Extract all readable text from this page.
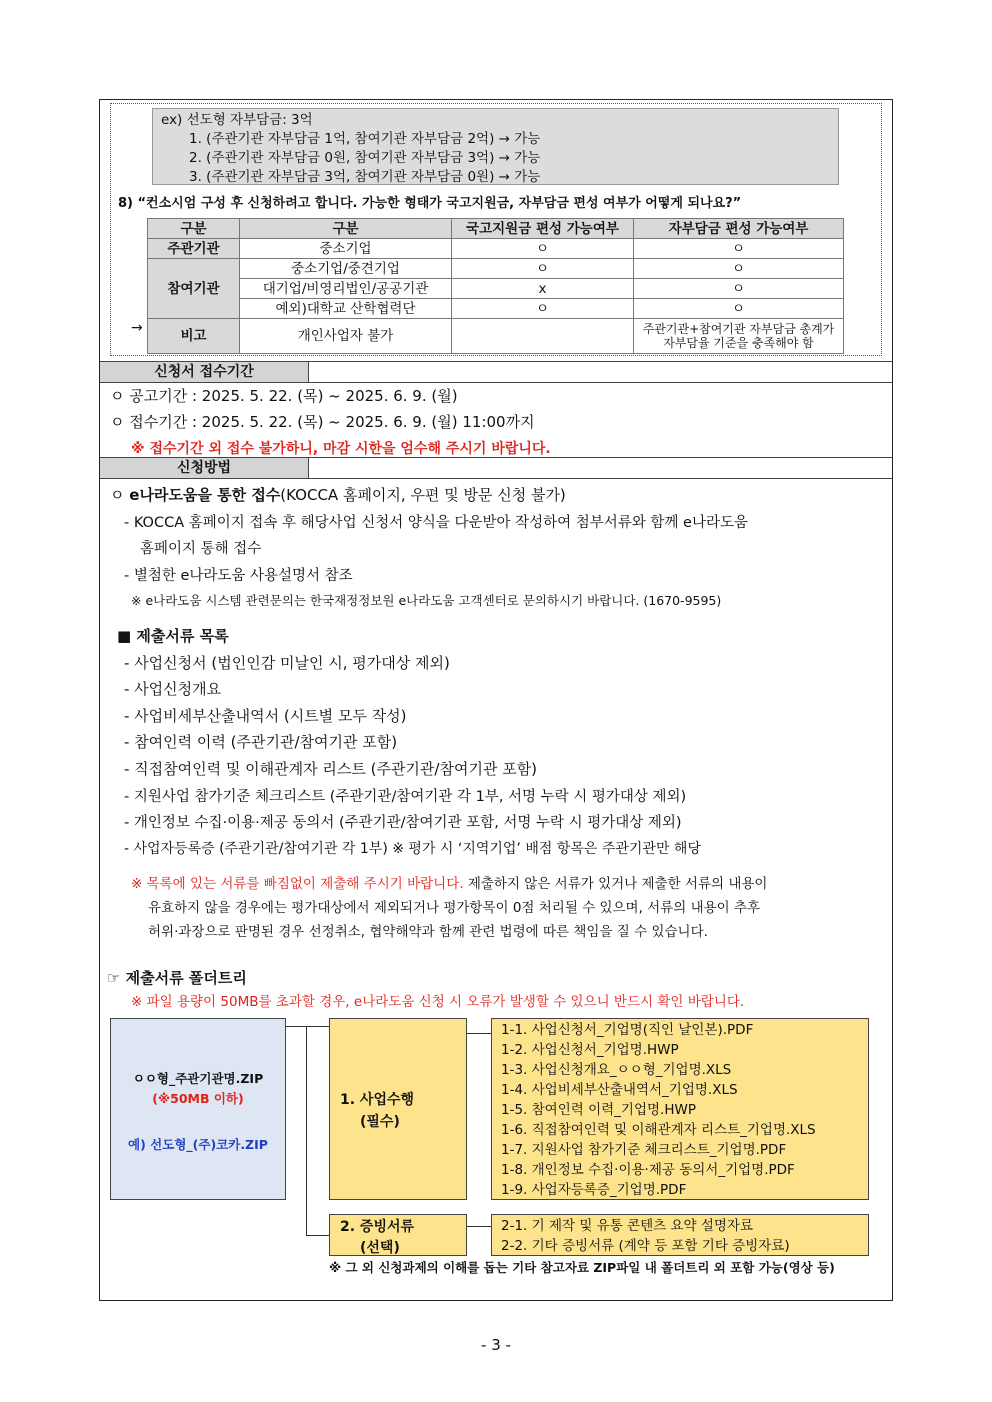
ex) 선도형 자부담금: 3억
1. (주관기관 자부담금 1억, 참여기관 자부담금 2억) → 가능
2. (주관기관 자부담금 0원, 참여기관 자부담금 3억) → 가능
3. (주관기관 자부담금 3억, 참여기관 자부담금 0원) → 가능
8) “컨소시엄 구성 후 신청하려고 합니다. 가능한 형태가 국고지원금, 자부담금 편성 여부가 어떻게 되나요?”
구분	구분	국고지원금 편성 가능여부	자부담금 편성 가능여부
주관기관	중소기업	ㅇ	ㅇ
참여기관	중소기업/중견기업	ㅇ	ㅇ
	대기업/비영리법인/공공기관	x	ㅇ
	예외)대학교 산학협력단	ㅇ	ㅇ
비고	개인사업자 불가		주관기관+참여기관 자부담금 총계가
자부담율 기준을 충족해야 함
→
신청서 접수기간
ㅇ 공고기간 : 2025. 5. 22. (목) ~ 2025. 6. 9. (월)
ㅇ 접수기간 : 2025. 5. 22. (목) ~ 2025. 6. 9. (월) 11:00까지
※ 접수기간 외 접수 불가하니, 마감 시한을 엄수해 주시기 바랍니다.
신청방법
ㅇ e나라도움을 통한 접수(KOCCA 홈페이지, 우편 및 방문 신청 불가)
- KOCCA 홈페이지 접속 후 해당사업 신청서 양식을 다운받아 작성하여 첨부서류와 함께 e나라도움
홈페이지 통해 접수
- 별첨한 e나라도움 사용설명서 참조
※ e나라도움 시스템 관련문의는 한국재정정보원 e나라도움 고객센터로 문의하시기 바랍니다. (1670-9595)
■ 제출서류 목록
- 사업신청서 (법인인감 미날인 시, 평가대상 제외)
- 사업신청개요
- 사업비세부산출내역서 (시트별 모두 작성)
- 참여인력 이력 (주관기관/참여기관 포함)
- 직접참여인력 및 이해관계자 리스트 (주관기관/참여기관 포함)
- 지원사업 참가기준 체크리스트 (주관기관/참여기관 각 1부, 서명 누락 시 평가대상 제외)
- 개인정보 수집·이용·제공 동의서 (주관기관/참여기관 포함, 서명 누락 시 평가대상 제외)
- 사업자등록증 (주관기관/참여기관 각 1부) ※ 평가 시 ‘지역기업’ 배점 항목은 주관기관만 해당
※ 목록에 있는 서류를 빠짐없이 제출해 주시기 바랍니다. 제출하지 않은 서류가 있거나 제출한 서류의 내용이
유효하지 않을 경우에는 평가대상에서 제외되거나 평가항목이 0점 처리될 수 있으며, 서류의 내용이 추후
허위·과장으로 판명된 경우 선정취소, 협약해약과 함께 관련 법령에 따른 책임을 질 수 있습니다.
☞ 제출서류 폴더트리
※ 파일 용량이 50MB를 초과할 경우, e나라도움 신청 시 오류가 발생할 수 있으니 반드시 확인 바랍니다.
ㅇㅇ형_주관기관명.ZIP
(※50MB 이하)
예) 선도형_(주)코카.ZIP
1. 사업수행
(필수)
1-1. 사업신청서_기업명(직인 날인본).PDF
1-2. 사업신청서_기업명.HWP
1-3. 사업신청개요_ㅇㅇ형_기업명.XLS
1-4. 사업비세부산출내역서_기업명.XLS
1-5. 참여인력 이력_기업명.HWP
1-6. 직접참여인력 및 이해관계자 리스트_기업명.XLS
1-7. 지원사업 참가기준 체크리스트_기업명.PDF
1-8. 개인정보 수집·이용·제공 동의서_기업명.PDF
1-9. 사업자등록증_기업명.PDF
2. 증빙서류
(선택)
2-1. 기 제작 및 유통 콘텐츠 요약 설명자료
2-2. 기타 증빙서류 (계약 등 포함 기타 증빙자료)
※ 그 외 신청과제의 이해를 돕는 기타 참고자료 ZIP파일 내 폴더트리 외 포함 가능(영상 등)
- 3 -
